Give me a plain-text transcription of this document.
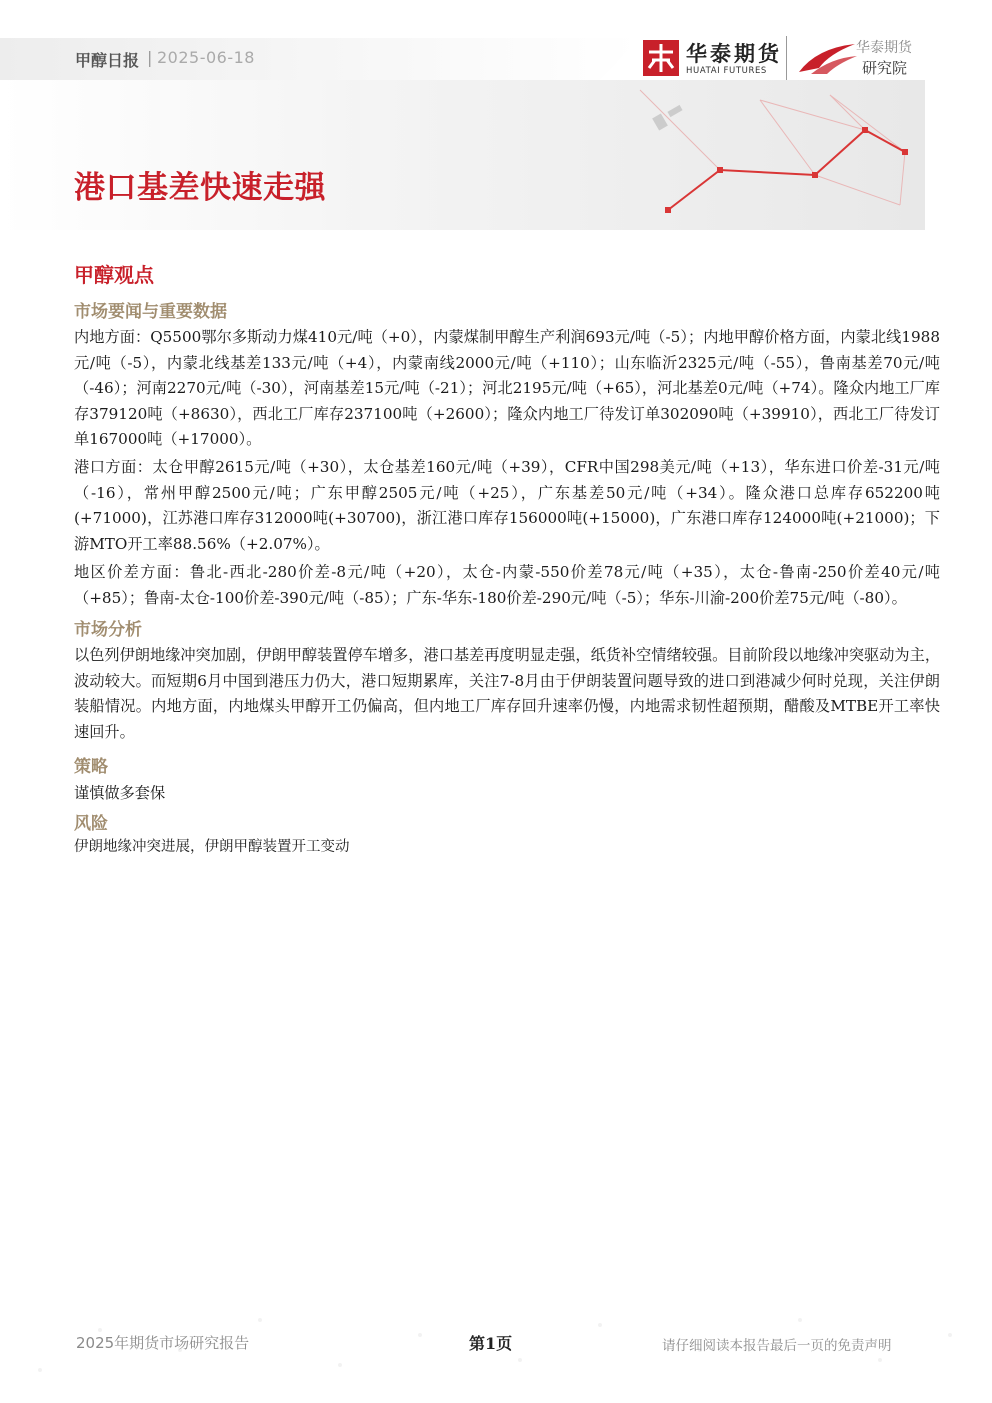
甲醇日报 | 2025-06-18	华泰期货
HUATAI FUTURES
华泰期货
研究院
港口基差快速走强
甲醇观点
市场要闻与重要数据
内地方面：Q5500鄂尔多斯动力煤410元/吨（+0），内蒙煤制甲醇生产利润693元/吨（-5）；内地甲醇价格方面，内蒙北线1988元/吨（-5），内蒙北线基差133元/吨（+4），内蒙南线2000元/吨（+110）；山东临沂2325元/吨（-55），鲁南基差70元/吨（-46）；河南2270元/吨（-30），河南基差15元/吨（-21）；河北2195元/吨（+65），河北基差0元/吨（+74）。隆众内地工厂库存379120吨（+8630），西北工厂库存237100吨（+2600）；隆众内地工厂待发订单302090吨（+39910），西北工厂待发订单167000吨（+17000）。
港口方面：太仓甲醇2615元/吨（+30），太仓基差160元/吨（+39），CFR中国298美元/吨（+13），华东进口价差-31元/吨（-16），常州甲醇2500元/吨；广东甲醇2505元/吨（+25），广东基差50元/吨（+34）。隆众港口总库存652200吨(+71000)，江苏港口库存312000吨(+30700)，浙江港口库存156000吨(+15000)，广东港口库存124000吨(+21000)；下游MTO开工率88.56%（+2.07%）。
地区价差方面：鲁北-西北-280价差-8元/吨（+20），太仓-内蒙-550价差78元/吨（+35），太仓-鲁南-250价差40元/吨（+85）；鲁南-太仓-100价差-390元/吨（-85）；广东-华东-180价差-290元/吨（-5）；华东-川渝-200价差75元/吨（-80）。
市场分析
以色列伊朗地缘冲突加剧，伊朗甲醇装置停车增多，港口基差再度明显走强，纸货补空情绪较强。目前阶段以地缘冲突驱动为主，波动较大。而短期6月中国到港压力仍大，港口短期累库，关注7-8月由于伊朗装置问题导致的进口到港减少何时兑现，关注伊朗装船情况。内地方面，内地煤头甲醇开工仍偏高，但内地工厂库存回升速率仍慢，内地需求韧性超预期，醋酸及MTBE开工率快速回升。
策略
谨慎做多套保
风险
伊朗地缘冲突进展，伊朗甲醇装置开工变动
2025年期货市场研究报告	第1页	请仔细阅读本报告最后一页的免责声明
